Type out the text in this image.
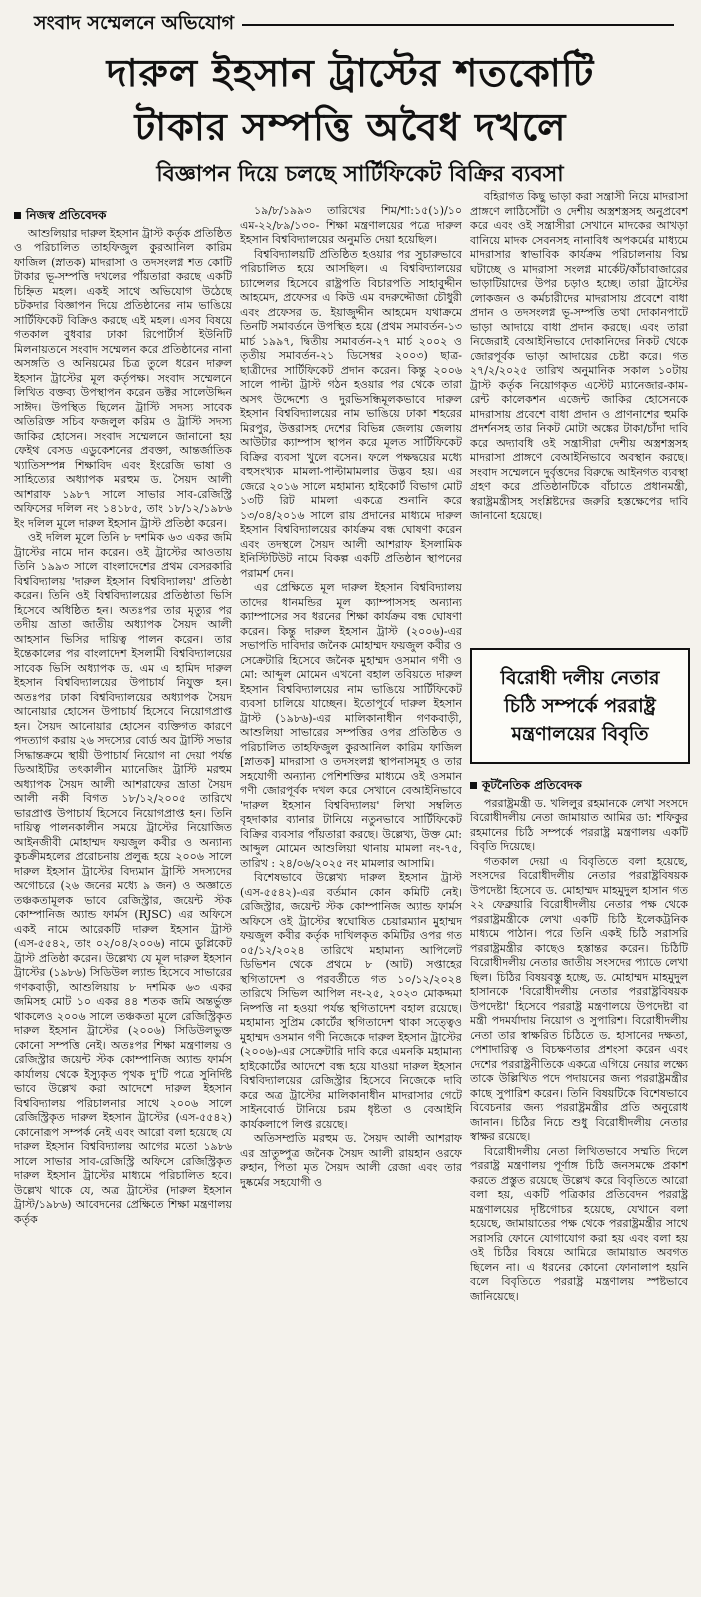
সংবাদ সম্মেলনে অভিযোগ
দারুল ইহসান ট্রাস্টের শতকোটি
টাকার সম্পত্তি অবৈধ দখলে
বিজ্ঞাপন দিয়ে চলছে সার্টিফিকেট বিক্রির ব্যবসা
নিজস্ব প্রতিবেদক

আশুলিয়ার দারুল ইহসান ট্রাস্ট কর্তৃক প্রতিষ্ঠিত ও পরিচালিত তাহফিজুল কুরআনিল কারিম ফাজিল (স্নাতক) মাদরাসা ও তদসংলগ্ন শত কোটি টাকার ভূ-সম্পত্তি দখলের পাঁয়তারা করছে একটি চিহ্নিত মহল। একই সাথে অভিযোগ উঠেছে চটকদার বিজ্ঞাপন দিয়ে প্রতিষ্ঠানের নাম ভাঙিয়ে সার্টিফিকেট বিক্রিও করছে এই মহল। এসব বিষয়ে গতকাল বুধবার ঢাকা রিপোর্টার্স ইউনিটি মিলনায়তনে সংবাদ সম্মেলন করে প্রতিষ্ঠানের নানা অসঙ্গতি ও অনিয়মের চিত্র তুলে ধরেন দারুল ইহসান ট্রাস্টের মূল কর্তৃপক্ষ। সংবাদ সম্মেলনে লিখিত বক্তব্য উপস্থাপন করেন ডক্টর সালেউদ্দিন সাঈদ। উপস্থিত ছিলেন ট্রাস্টি সদস্য সাবেক অতিরিক্ত সচিব ফজলুল করিম ও ট্রাস্টি সদস্য জাকির হোসেন। সংবাদ সম্মেলনে জানানো হয় ফেইথ বেসড এডুকেশনের প্রবক্তা, আন্তর্জাতিক খ্যাতিসম্পন্ন শিক্ষাবিদ এবং ইংরেজি ভাষা ও সাহিত্যের অধ্যাপক মরহুম ড. সৈয়দ আলী আশরাফ ১৯৮৭ সালে সাভার সাব-রেজিস্ট্রি অফিসের দলিল নং ১৪১৮৫, তাং ১৮/১২/১৯৮৬ ইং দলিল মূলে দারুল ইহসান ট্রাস্ট প্রতিষ্ঠা করেন।

ওই দলিল মূলে তিনি ৮ দশমিক ৬৩ একর জমি ট্রাস্টের নামে দান করেন। ওই ট্রাস্টের আওতায় তিনি ১৯৯৩ সালে বাংলাদেশের প্রথম বেসরকারি বিশ্ববিদ্যালয় 'দারুল ইহসান বিশ্ববিদ্যালয়' প্রতিষ্ঠা করেন। তিনি ওই বিশ্ববিদ্যালয়ের প্রতিষ্ঠাতা ভিসি হিসেবে অধিষ্ঠিত হন। অতঃপর তার মৃত্যুর পর তদীয় ভ্রাতা জাতীয় অধ্যাপক সৈয়দ আলী আহসান ভিসির দায়িত্ব পালন করেন। তার ইন্তেকালের পর বাংলাদেশ ইসলামী বিশ্ববিদ্যালয়ের সাবেক ভিসি অধ্যাপক ড. এম এ হামিদ দারুল ইহসান বিশ্ববিদ্যালয়ের উপাচার্য নিযুক্ত হন। অতঃপর ঢাকা বিশ্ববিদ্যালয়ের অধ্যাপক সৈয়দ আনোয়ার হোসেন উপাচার্য হিসেবে নিয়োগপ্রাপ্ত হন। সৈয়দ আনোয়ার হোসেন ব্যক্তিগত কারণে পদত্যাগ করায় ২৬ সদস্যের বোর্ড অব ট্রাস্টি সভার সিদ্ধান্তক্রমে স্থায়ী উপাচার্য নিয়োগ না দেয়া পর্যন্ত ডিআইটির তৎকালীন ম্যানেজিং ট্রাস্টি মরহুম অধ্যাপক সৈয়দ আলী আশরাফের ভ্রাতা সৈয়দ আলী নকী বিগত ১৮/১২/২০০৫ তারিখে ভারপ্রাপ্ত উপাচার্য হিসেবে নিয়োগপ্রাপ্ত হন। তিনি দায়িত্ব পালনকালীন সময়ে ট্রাস্টের নিয়োজিত আইনজীবী মোহাম্মদ ফয়জুল কবীর ও অন্যান্য কুচক্রীমহলের প্ররোচনায় প্রলুব্ধ হয়ে ২০০৬ সালে দারুল ইহসান ট্রাস্টের বিদ্যমান ট্রাস্টি সদস্যদের অগোচরে (২৬ জনের মধ্যে ৯ জন) ও অজ্ঞাতে তঞ্চকতামূলক ভাবে রেজিস্ট্রার, জয়েন্ট স্টক কোম্পানিজ অ্যান্ড ফার্মস (RJSC) এর অফিসে একই নামে আরেকটি দারুল ইহসান ট্রাস্ট (এস-৫৫৪২, তাং ০২/০৪/২০০৬) নামে ডুপ্লিকেট ট্রাস্ট প্রতিষ্ঠা করেন। উল্লেখ্য যে মূল দারুল ইহসান ট্রাস্টের (১৯৮৬) সিডিউল ল্যান্ড হিসেবে সাভারের গণকবাড়ী, আশুলিয়ায় ৮ দশমিক ৬৩ একর জমিসহ মোট ১০ একর ৪৪ শতক জমি অন্তর্ভুক্ত থাকলেও ২০০৬ সালে তঞ্চকতা মূলে রেজিস্ট্রিকৃত দারুল ইহসান ট্রাস্টের (২০০৬) সিডিউলভুক্ত কোনো সম্পত্তি নেই। অতঃপর শিক্ষা মন্ত্রণালয় ও রেজিস্ট্রার জয়েন্ট স্টক কোম্পানিজ অ্যান্ড ফার্মস কার্যালয় থেকে ইস্যুকৃত পৃথক দু'টি পত্রে সুনির্দিষ্ট ভাবে উল্লেখ করা আদেশে দারুল ইহসান বিশ্ববিদ্যালয় পরিচালনার সাথে ২০০৬ সালে রেজিস্ট্রিকৃত দারুল ইহসান ট্রাস্টের (এস-৫৫৪২) কোনোরূপ সম্পর্ক নেই এবং আরো বলা হয়েছে যে দারুল ইহসান বিশ্ববিদ্যালয় আগের মতো ১৯৮৬ সালে সাভার সাব-রেজিস্ট্রি অফিসে রেজিস্ট্রিকৃত দারুল ইহসান ট্রাস্টের মাধ্যমে পরিচালিত হবে। উল্লেখ থাকে যে, অত্র ট্রাস্টের (দারুল ইহসান ট্রাস্ট/১৯৮৬) আবেদনের প্রেক্ষিতে শিক্ষা মন্ত্রণালয় কর্তৃক

১৯/৮/১৯৯৩ তারিখের শিম/শা:১৫(১)/১০ এম-২২/৮৯/১৩০- শিক্ষা মন্ত্রণালয়ের পত্রে দারুল ইহসান বিশ্ববিদ্যালয়ের অনুমতি দেয়া হয়েছিল।

বিশ্ববিদ্যালয়টি প্রতিষ্ঠিত হওয়ার পর সুচারুভাবে পরিচালিত হয়ে আসছিল। এ বিশ্ববিদ্যালয়ের চ্যান্সেলর হিসেবে রাষ্ট্রপতি বিচারপতি সাহাবুদ্দীন আহমেদ, প্রফেসর এ কিউ এম বদরুদ্দৌজা চৌধুরী এবং প্রফেসর ড. ইয়াজুদ্দীন আহমেদ যথাক্রমে তিনটি সমাবর্তনে উপস্থিত হয়ে (প্রথম সমাবর্তন-১৩ মার্চ ১৯৯৭, দ্বিতীয় সমাবর্তন-২৭ মার্চ ২০০২ ও তৃতীয় সমাবর্তন-২১ ডিসেম্বর ২০০৩) ছাত্র-ছাত্রীদের সার্টিফিকেট প্রদান করেন। কিন্তু ২০০৬ সালে পাল্টা ট্রাস্ট গঠন হওয়ার পর থেকে তারা অসৎ উদ্দেশ্যে ও দুরভিসন্ধিমূলকভাবে দারুল ইহসান বিশ্ববিদ্যালয়ের নাম ভাঙিয়ে ঢাকা শহরের মিরপুর, উত্তরাসহ দেশের বিভিন্ন জেলায় জেলায় আউটার ক্যাম্পাস স্থাপন করে মূলত সার্টিফিকেট বিক্রির ব্যবসা খুলে বসেন। ফলে পক্ষদ্বয়ের মধ্যে বহুসংখ্যক মামলা-পাল্টামামলার উদ্ভব হয়। এর জেরে ২০১৬ সালে মহামান্য হাইকোর্ট বিভাগ মোট ১৩টি রিট মামলা একত্রে শুনানি করে ১৩/০৪/২০১৬ সালে রায় প্রদানের মাধ্যমে দারুল ইহসান বিশ্ববিদ্যালয়ের কার্যক্রম বন্ধ ঘোষণা করেন এবং তদস্থলে সৈয়দ আলী আশরাফ ইসলামিক ইনিস্টিটিউট নামে বিকল্প একটি প্রতিষ্ঠান স্থাপনের পরামর্শ দেন।

এর প্রেক্ষিতে মূল দারুল ইহসান বিশ্ববিদ্যালয় তাদের ধানমন্ডির মূল ক্যাম্পাসসহ অন্যান্য ক্যাম্পাসের সব ধরনের শিক্ষা কার্যক্রম বন্ধ ঘোষণা করেন। কিন্তু দারুল ইহসান ট্রাস্ট (২০০৬)-এর সভাপতি দাবিদার জনৈক মোহাম্মদ ফয়জুল কবীর ও সেক্রেটারি হিসেবে জনৈক মুহাম্মদ ওসমান গণী ও মো: আব্দুল মোমেন এখনো বহাল তবিয়তে দারুল ইহসান বিশ্ববিদ্যালয়ের নাম ভাঙিয়ে সার্টিফিকেট ব্যবসা চালিয়ে যাচ্ছেন। ইতোপূর্বে দারুল ইহসান ট্রাস্ট (১৯৮৬)-এর মালিকানাধীন গণকবাড়ী, আশুলিয়া সাভারের সম্পত্তির ওপর প্রতিষ্ঠিত ও পরিচালিত তাহফিজুল কুরআনিল কারিম ফাজিল [স্নাতক] মাদরাসা ও তদসংলগ্ন স্থাপনাসমূহ ও তার সহযোগী অন্যান্য পেশিশক্তির মাধ্যমে ওই ওসমান গণী জোরপূর্বক দখল করে সেখানে বেআইনিভাবে 'দারুল ইহসান বিশ্ববিদ্যালয়' লিখা সম্বলিত বৃহদাকার ব্যানার টানিয়ে নতুনভাবে সার্টিফিকেট বিক্রির ব্যবসার পাঁয়তারা করছে। উল্লেখ্য, উক্ত মো: আব্দুল মোমেন আশুলিয়া থানায় মামলা নং-৭৫, তারিখ : ২৪/০৬/২০২৫ নং মামলার আসামি।

বিশেষভাবে উল্লেখ্য দারুল ইহসান ট্রাস্ট (এস-৫৫৪২)-এর বর্তমান কোন কমিটি নেই। রেজিস্ট্রার, জয়েন্ট স্টক কোম্পানিজ অ্যান্ড ফার্মস অফিসে ওই ট্রাস্টের স্বঘোষিত চেয়ারম্যান মুহাম্মদ ফয়জুল কবীর কর্তৃক দাখিলকৃত কমিটির ওপর গত ০৫/১২/২০২৪ তারিখে মহামান্য আপিলেট ডিভিশন থেকে প্রথমে ৮ (আট) সপ্তাহের স্থগিতাদেশ ও পরবর্তীতে গত ১০/১২/২০২৪ তারিখে সিভিল আপিল নং-২৫, ২০২৩ মোকদ্দমা নিষ্পত্তি না হওয়া পর্যন্ত স্থগিতাদেশ বহাল রয়েছে। মহামান্য সুপ্রিম কোর্টের স্থগিতাদেশ থাকা সত্ত্বেও মুহাম্মদ ওসমান গণী নিজেকে দারুল ইহসান ট্রাস্টের (২০০৬)-এর সেক্রেটারি দাবি করে এমনকি মহামান্য হাইকোর্টের আদেশে বন্ধ হয়ে যাওয়া দারুল ইহসান বিশ্ববিদ্যালয়ের রেজিস্ট্রার হিসেবে নিজেকে দাবি করে অত্র ট্রাস্টের মালিকানাধীন মাদরাসার গেটে সাইনবোর্ড টানিয়ে চরম ধৃষ্টতা ও বেআইনি কার্যকলাপে লিপ্ত রয়েছে।

অতিসম্প্রতি মরহুম ড. সৈয়দ আলী আশরাফ এর ভ্রাতুষ্পুত্র জনৈক সৈয়দ আলী রায়হান ওরফে রুহান, পিতা মৃত সৈয়দ আলী রেজা এবং তার দুষ্কর্মের সহযোগী ও

বহিরাগত কিছু ভাড়া করা সন্ত্রাসী নিয়ে মাদরাসা প্রাঙ্গণে লাঠিসোঁটা ও দেশীয় অস্ত্রশস্ত্রসহ অনুপ্রবেশ করে এবং ওই সন্ত্রাসীরা সেখানে মাদকের আখড়া বানিয়ে মাদক সেবনসহ নানাবিধ অপকর্মের মাধ্যমে মাদরাসার স্বাভাবিক কার্যক্রম পরিচালনায় বিঘ্ন ঘটাচ্ছে ও মাদরাসা সংলগ্ন মার্কেট/কাঁচাবাজারের ভাড়াটিয়াদের উপর চড়াও হচ্ছে। তারা ট্রাস্টের লোকজন ও কর্মচারীদের মাদরাসায় প্রবেশে বাধা প্রদান ও তদসংলগ্ন ভূ-সম্পত্তি তথা দোকানপাটে ভাড়া আদায়ে বাধা প্রদান করছে। এবং তারা নিজেরাই বেআইনিভাবে দোকানিদের নিকট থেকে জোরপূর্বক ভাড়া আদায়ের চেষ্টা করে। গত ২৭/২/২০২৫ তারিখ অনুমানিক সকাল ১০টায় ট্রাস্ট কর্তৃক নিয়োগকৃত এস্টেট ম্যানেজার-কাম-রেন্ট কালেকশন এজেন্ট জাকির হোসেনকে মাদরাসায় প্রবেশে বাধা প্রদান ও প্রাণনাশের হুমকি প্রদর্শনসহ তার নিকট মোটা অঙ্কের টাকা/চাঁদা দাবি করে অদ্যাবধি ওই সন্ত্রাসীরা দেশীয় অস্ত্রশস্ত্রসহ মাদরাসা প্রাঙ্গণে বেআইনিভাবে অবস্থান করছে। সংবাদ সম্মেলনে দুর্বৃত্তদের বিরুদ্ধে আইনগত ব্যবস্থা গ্রহণ করে প্রতিষ্ঠানটিকে বাঁচাতে প্রধানমন্ত্রী, স্বরাষ্ট্রমন্ত্রীসহ সংশ্লিষ্টদের জরুরি হস্তক্ষেপের দাবি জানানো হয়েছে।

বিরোধী দলীয় নেতার
চিঠি সম্পর্কে পররাষ্ট্র
মন্ত্রণালয়ের বিবৃতি
কূটনৈতিক প্রতিবেদক

পররাষ্ট্রমন্ত্রী ড. খলিলুর রহমানকে লেখা সংসদে বিরোধীদলীয় নেতা জামায়াত আমির ডা: শফিকুর রহমানের চিঠি সম্পর্কে পররাষ্ট্র মন্ত্রণালয় একটি বিবৃতি দিয়েছে।

গতকাল দেয়া এ বিবৃতিতে বলা হয়েছে, সংসদের বিরোধীদলীয় নেতার পররাষ্ট্রবিষয়ক উপদেষ্টা হিসেবে ড. মোহাম্মদ মাহমুদুল হাসান গত ২২ ফেব্রুয়ারি বিরোধীদলীয় নেতার পক্ষ থেকে পররাষ্ট্রমন্ত্রীকে লেখা একটি চিঠি ইলেকট্রনিক মাধ্যমে পাঠান। পরে তিনি একই চিঠি সরাসরি পররাষ্ট্রমন্ত্রীর কাছেও হস্তান্তর করেন। চিঠিটি বিরোধীদলীয় নেতার জাতীয় সংসদের প্যাডে লেখা ছিল। চিঠির বিষয়বস্তু হচ্ছে, ড. মোহাম্মদ মাহমুদুল হাসানকে 'বিরোধীদলীয় নেতার পররাষ্ট্রবিষয়ক উপদেষ্টা' হিসেবে পররাষ্ট্র মন্ত্রণালয়ে উপদেষ্টা বা মন্ত্রী পদমর্যাদায় নিয়োগ ও সুপারিশ। বিরোধীদলীয় নেতা তার স্বাক্ষরিত চিঠিতে ড. হাসানের দক্ষতা, পেশাদারিত্ব ও বিচক্ষণতার প্রশংসা করেন এবং দেশের পররাষ্ট্রনীতিকে একত্রে এগিয়ে নেয়ার লক্ষ্যে তাকে উল্লিখিত পদে পদায়নের জন্য পররাষ্ট্রমন্ত্রীর কাছে সুপারিশ করেন। তিনি বিষয়টিকে বিশেষভাবে বিবেচনার জন্য পররাষ্ট্রমন্ত্রীর প্রতি অনুরোধ জানান। চিঠির নিচে শুধু বিরোধীদলীয় নেতার স্বাক্ষর রয়েছে।

বিরোধীদলীয় নেতা লিখিতভাবে সম্মতি দিলে পররাষ্ট্র মন্ত্রণালয় পূর্ণাঙ্গ চিঠি জনসমক্ষে প্রকাশ করতে প্রস্তুত রয়েছে উল্লেখ করে বিবৃতিতে আরো বলা হয়, একটি পত্রিকার প্রতিবেদন পররাষ্ট্র মন্ত্রণালয়ের দৃষ্টিগোচর হয়েছে, যেখানে বলা হয়েছে, জামায়াতের পক্ষ থেকে পররাষ্ট্রমন্ত্রীর সাথে সরাসরি ফোনে যোগাযোগ করা হয় এবং বলা হয় ওই চিঠির বিষয়ে আমিরে জামায়াত অবগত ছিলেন না। এ ধরনের কোনো ফোনালাপ হয়নি বলে বিবৃতিতে পররাষ্ট্র মন্ত্রণালয় স্পষ্টভাবে জানিয়েছে।
